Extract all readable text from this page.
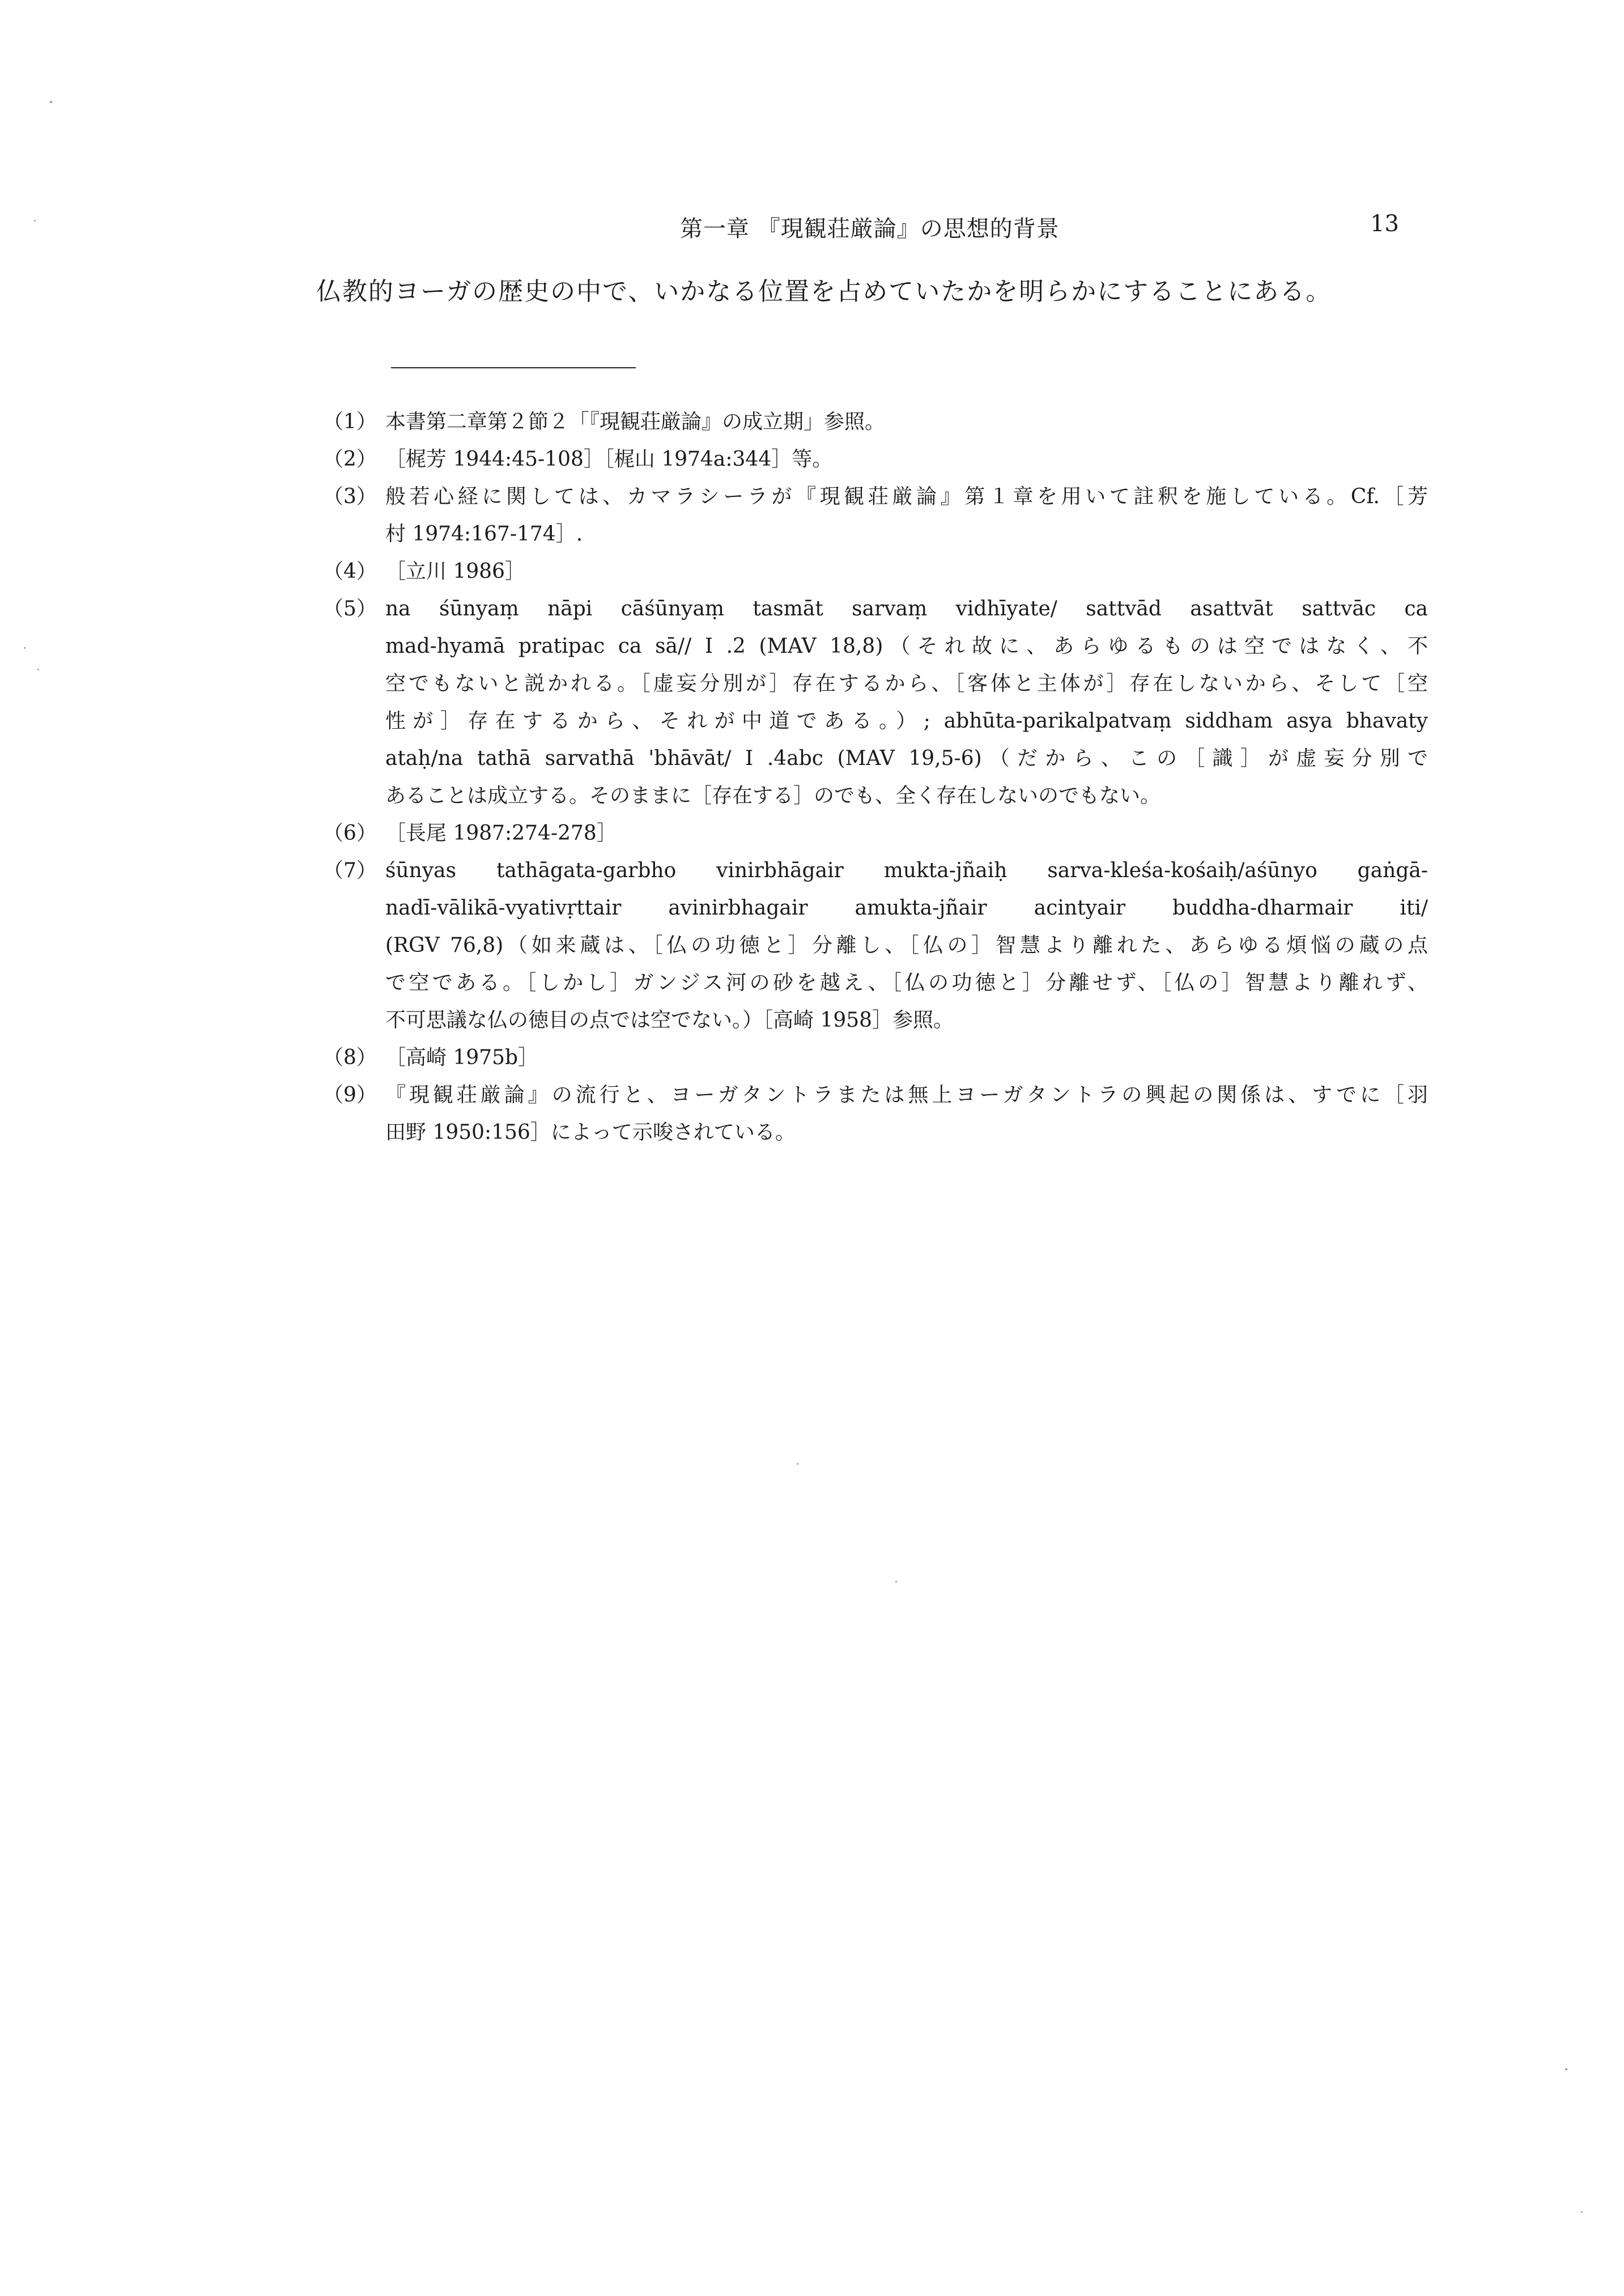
第一章 『現観荘厳論』の思想的背景	13
仏教的ヨーガの歴史の中で、いかなる位置を占めていたかを明らかにすることにある。
（1） 本書第二章第２節２「『現観荘厳論』の成立期」参照。
（2） ［梶芳 1944:45-108］［梶山 1974a:344］等。
（3） 般若心経に関しては、カマラシーラが『現観荘厳論』第１章を用いて註釈を施している。Cf.［芳
村 1974:167-174］.
（4） ［立川 1986］
（5） na śūnyaṃ nāpi cāśūnyaṃ tasmāt sarvaṃ vidhīyate/ sattvād asattvāt sattvāc ca
mad-hyamā pratipac ca sā// I .2 (MAV 18,8)（それ故に、あらゆるものは空ではなく、不
空でもないと説かれる。［虚妄分別が］存在するから、［客体と主体が］存在しないから、そして［空
性が］存在するから、それが中道である。）; abhūta-parikalpatvaṃ siddham asya bhavaty
ataḥ/na tathā sarvathā 'bhāvāt/ I .4abc (MAV 19,5-6)（だから、この［識］が虚妄分別で
あることは成立する。そのままに［存在する］のでも、全く存在しないのでもない。
（6） ［長尾 1987:274-278］
（7） śūnyas tathāgata-garbho vinirbhāgair mukta-jñaiḥ sarva-kleśa-kośaiḥ/aśūnyo gaṅgā-
nadī-vālikā-vyativṛttair avinirbhagair amukta-jñair acintyair buddha-dharmair iti/
(RGV 76,8)（如来蔵は、［仏の功徳と］分離し、［仏の］智慧より離れた、あらゆる煩悩の蔵の点
で空である。［しかし］ガンジス河の砂を越え、［仏の功徳と］分離せず、［仏の］智慧より離れず、
不可思議な仏の徳目の点では空でない。）［高崎 1958］参照。
（8） ［高崎 1975b］
（9） 『現観荘厳論』の流行と、ヨーガタントラまたは無上ヨーガタントラの興起の関係は、すでに［羽
田野 1950:156］によって示唆されている。
